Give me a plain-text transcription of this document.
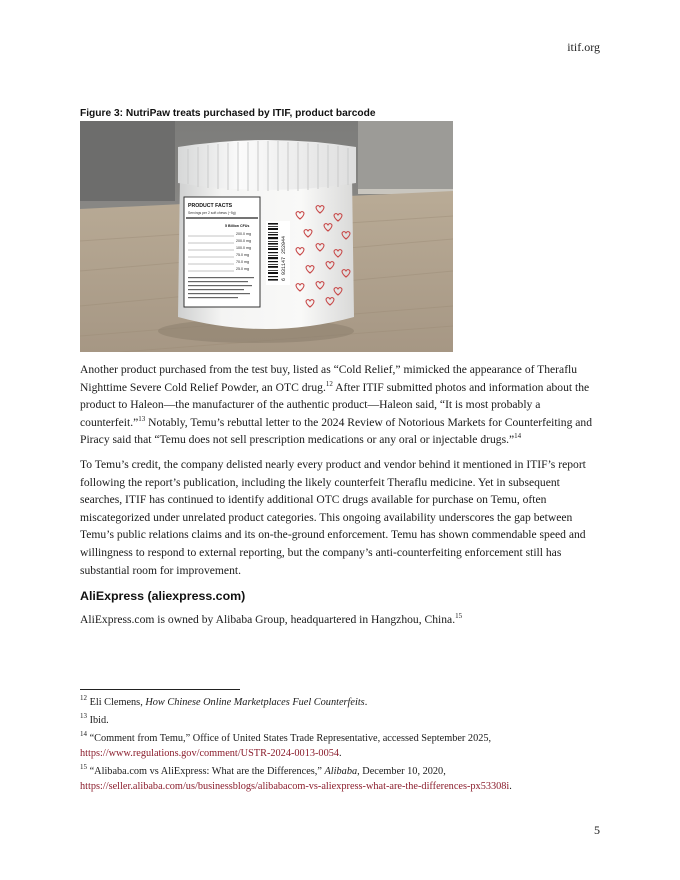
itif.org
Figure 3: NutriPaw treats purchased by ITIF, product barcode
PRODUCT FACTS
Servings per 2 soft chews (~5g)
5 Billion CFUs
200.0 mg
200.0 mg
100.0 mg
75.0 mg
70.0 mg
25.0 mg	6 931147 252044

Another product purchased from the test buy, listed as “Cold Relief,” mimicked the appearance of Theraflu Nighttime Severe Cold Relief Powder, an OTC drug.$^{12}$ After ITIF submitted photos and information about the product to Haleon—the manufacturer of the authentic product—Haleon said, “It is most probably a counterfeit.”$^{13}$ Notably, Temu’s rebuttal letter to the 2024 Review of Notorious Markets for Counterfeiting and Piracy said that “Temu does not sell prescription medications or any oral or injectable drugs.”$^{14}$

To Temu’s credit, the company delisted nearly every product and vendor behind it mentioned in ITIF’s report following the report’s publication, including the likely counterfeit Theraflu medicine. Yet in subsequent searches, ITIF has continued to identify additional OTC drugs available for purchase on Temu, often miscategorized under unrelated product categories. This ongoing availability underscores the gap between Temu’s public relations claims and its on-the-ground enforcement. Temu has shown commendable speed and willingness to respond to external reporting, but the company’s anti-counterfeiting enforcement still has substantial room for improvement.

AliExpress (aliexpress.com)

AliExpress.com is owned by Alibaba Group, headquartered in Hangzhou, China.$^{15}$

$^{12}$ Eli Clemens, How Chinese Online Marketplaces Fuel Counterfeits.

$^{13}$ Ibid.

$^{14}$ “Comment from Temu,” Office of United States Trade Representative, accessed September 2025, https://www.regulations.gov/comment/USTR-2024-0013-0054.

$^{15}$ “Alibaba.com vs AliExpress: What are the Differences,” Alibaba, December 10, 2020, https://seller.alibaba.com/us/businessblogs/alibabacom-vs-aliexpress-what-are-the-differences-px53308i.

5
